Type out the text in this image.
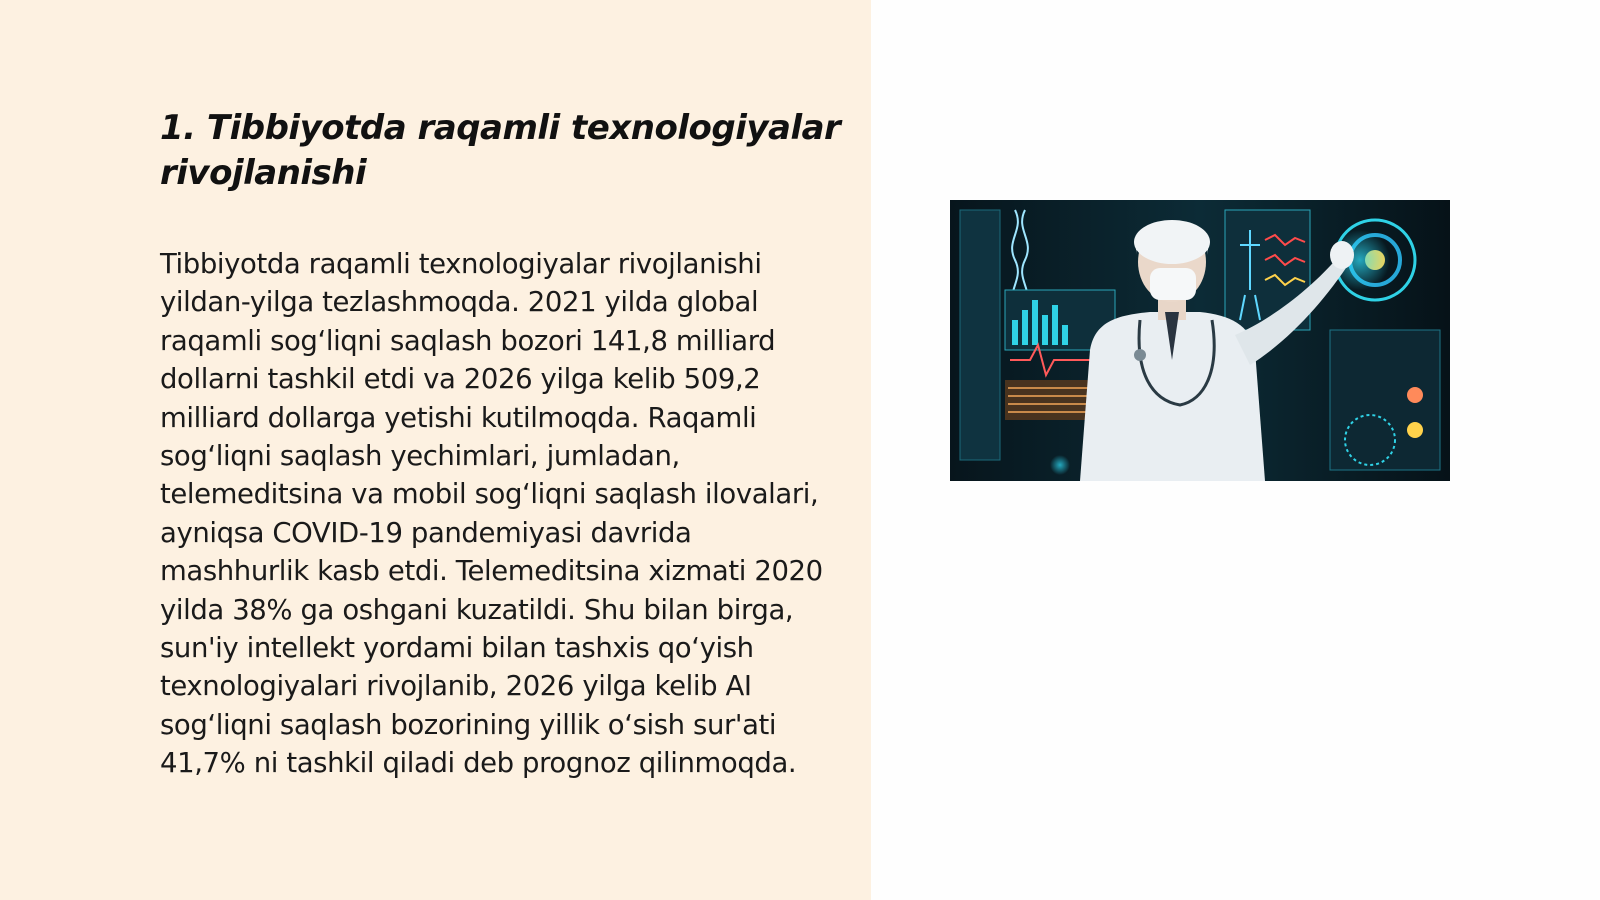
1. Tibbiyotda raqamli texnologiyalar rivojlanishi

Tibbiyotda raqamli texnologiyalar rivojlanishi yildan-yilga tezlashmoqda. 2021 yilda global raqamli sog‘liqni saqlash bozori 141,8 milliard dollarni tashkil etdi va 2026 yilga kelib 509,2 milliard dollarga yetishi kutilmoqda. Raqamli sog‘liqni saqlash yechimlari, jumladan, telemeditsina va mobil sog‘liqni saqlash ilovalari, ayniqsa COVID-19 pandemiyasi davrida mashhurlik kasb etdi. Telemeditsina xizmati 2020 yilda 38% ga oshgani kuzatildi. Shu bilan birga, sun'iy intellekt yordami bilan tashxis qo‘yish texnologiyalari rivojlanib, 2026 yilga kelib AI sog‘liqni saqlash bozorining yillik o‘sish sur'ati 41,7% ni tashkil qiladi deb prognoz qilinmoqda.
